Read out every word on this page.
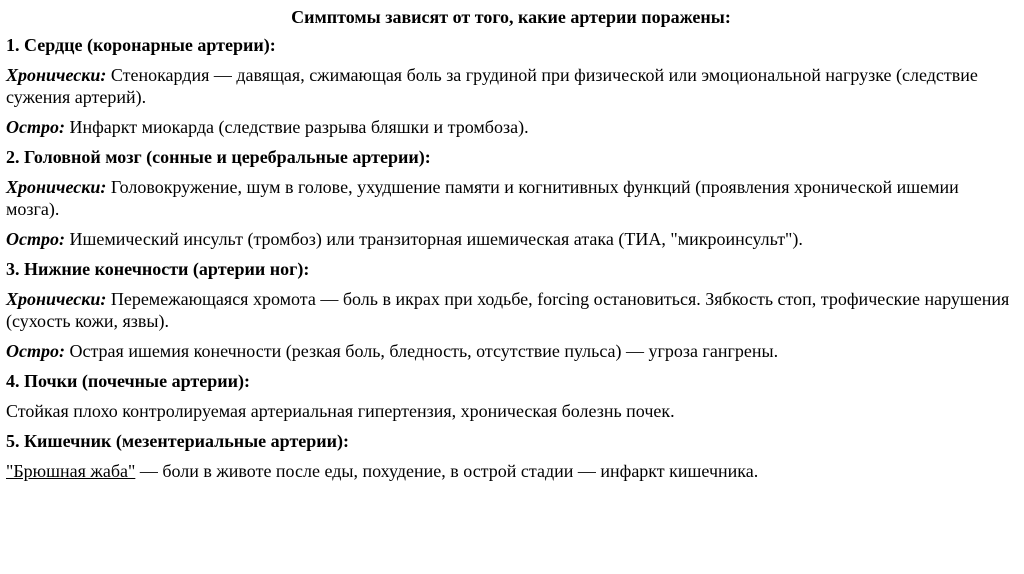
Симптомы зависят от того, какие артерии поражены:
1. Сердце (коронарные артерии):
Хронически: Стенокардия — давящая, сжимающая боль за грудиной при физической или эмоциональной нагрузке (следствие сужения артерий).
Остро: Инфаркт миокарда (следствие разрыва бляшки и тромбоза).
2. Головной мозг (сонные и церебральные артерии):
Хронически: Головокружение, шум в голове, ухудшение памяти и когнитивных функций (проявления хронической ишемии мозга).
Остро: Ишемический инсульт (тромбоз) или транзиторная ишемическая атака (ТИА, "микроинсульт").
3. Нижние конечности (артерии ног):
Хронически: Перемежающаяся хромота — боль в икрах при ходьбе, forcing остановиться. Зябкость стоп, трофические нарушения (сухость кожи, язвы).
Остро: Острая ишемия конечности (резкая боль, бледность, отсутствие пульса) — угроза гангрены.
4. Почки (почечные артерии):
Стойкая плохо контролируемая артериальная гипертензия, хроническая болезнь почек.
5. Кишечник (мезентериальные артерии):
"Брюшная жаба" — боли в животе после еды, похудение, в острой стадии — инфаркт кишечника.
